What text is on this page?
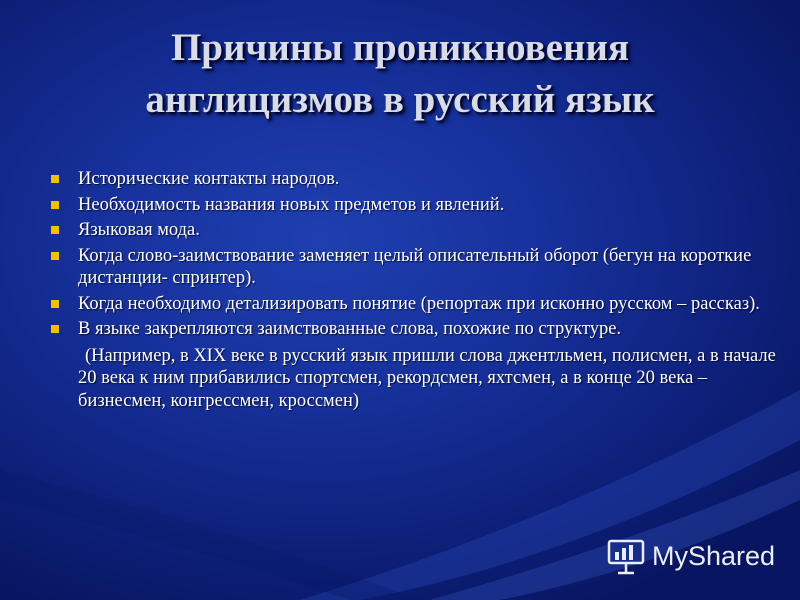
Причины проникновения
англицизмов в русский язык
Исторические контакты народов.
Необходимость названия новых предметов и явлений.
Языковая мода.
Когда слово-заимствование заменяет целый описательный оборот (бегун на короткие дистанции- спринтер).
Когда необходимо детализировать понятие (репортаж при исконно русском – рассказ).
В языке закрепляются заимствованные слова, похожие по структуре.
(Например, в XIX веке в русский язык пришли слова джентльмен, полисмен, а в начале 20 века к ним прибавились спортсмен, рекордсмен, яхтсмен, а в конце 20 века – бизнесмен, конгрессмен, кроссмен)
MyShared
